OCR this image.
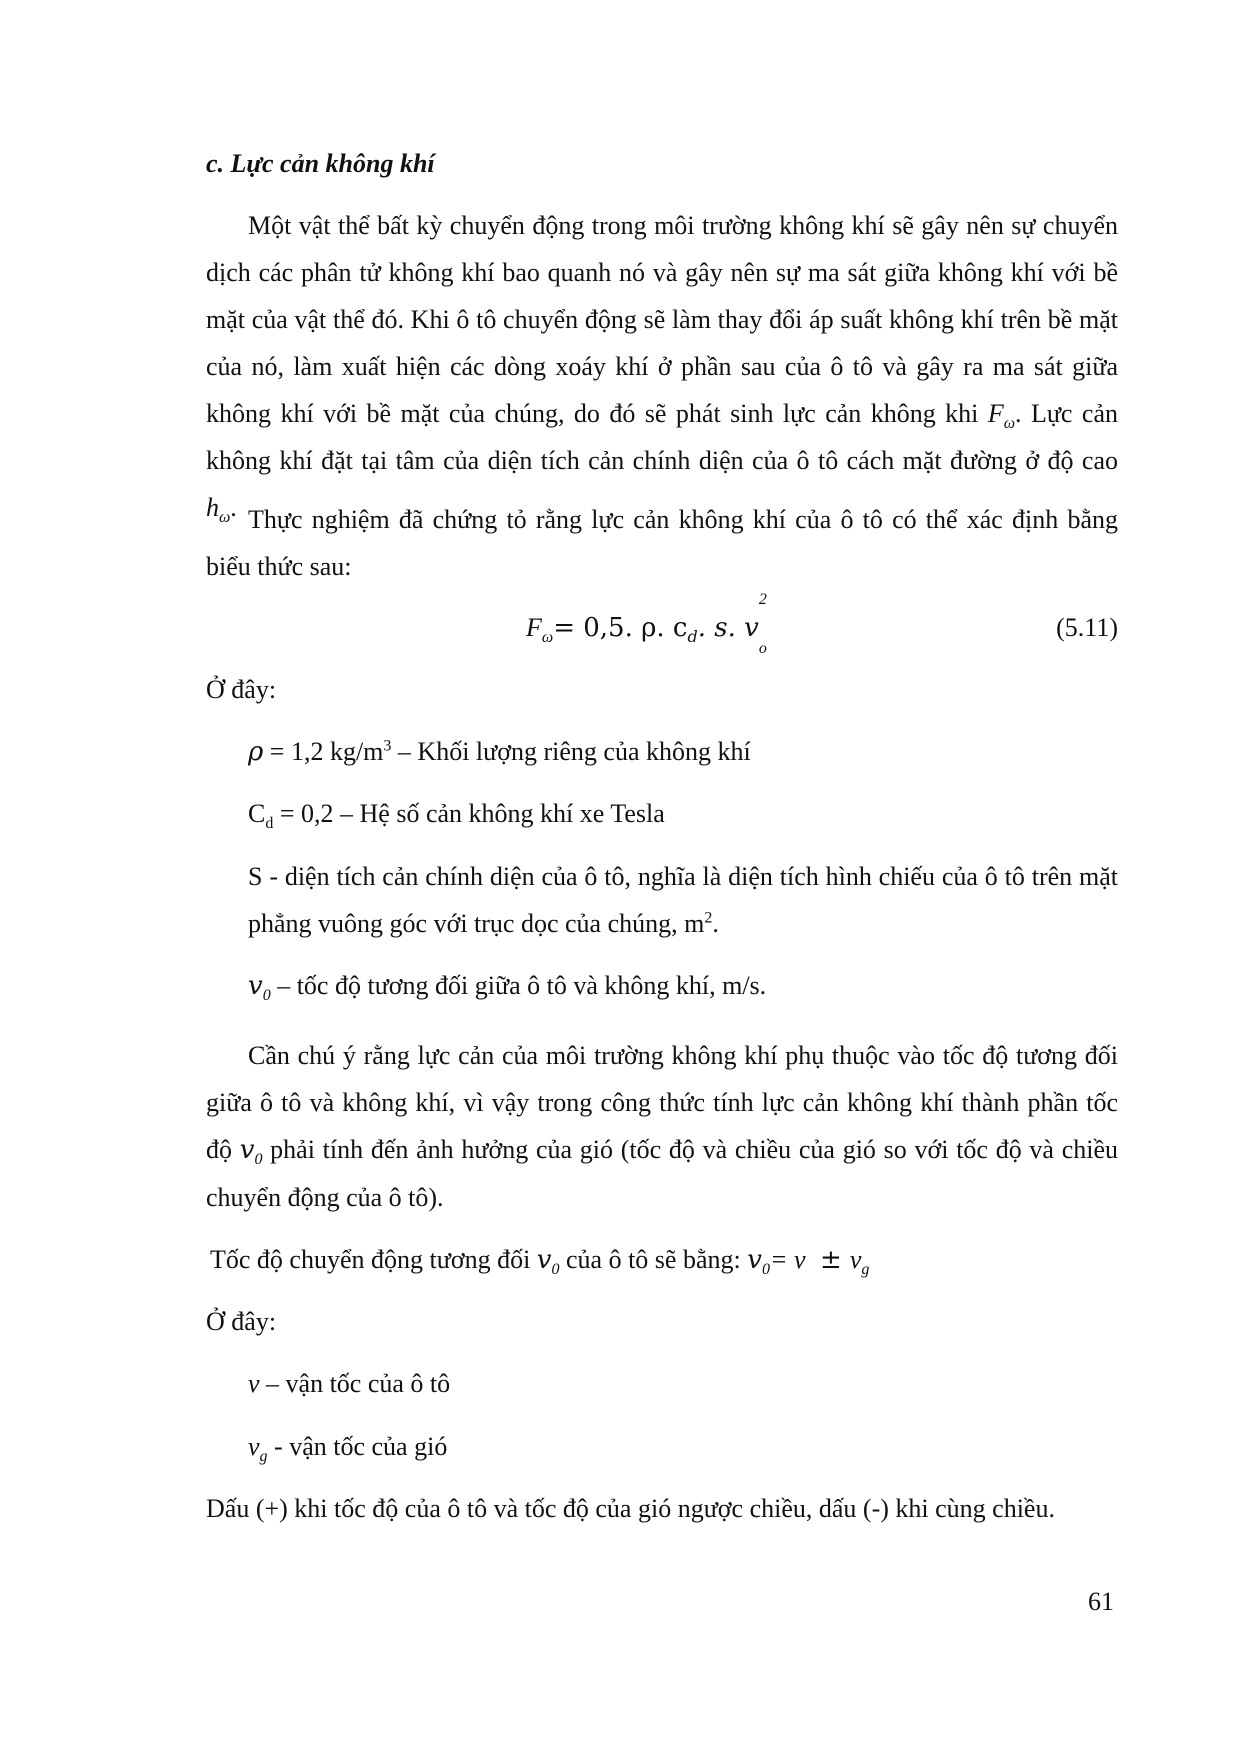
c. Lực cản không khí
Một vật thể bất kỳ chuyển động trong môi trường không khí sẽ gây nên sự chuyển dịch các phân tử không khí bao quanh nó và gây nên sự ma sát giữa không khí với bề mặt của vật thể đó. Khi ô tô chuyển động sẽ làm thay đổi áp suất không khí trên bề mặt của nó, làm xuất hiện các dòng xoáy khí ở phần sau của ô tô và gây ra ma sát giữa không khí với bề mặt của chúng, do đó sẽ phát sinh lực cản không khi $F_\omega$. Lực cản không khí đặt tại tâm của diện tích cản chính diện của ô tô cách mặt đường ở độ cao $h_\omega$. Thực nghiệm đã chứng tỏ rằng lực cản không khí của ô tô có thể xác định bằng biểu thức sau:
$F_\omega= 0,5$. ρ. $c_d$. s. v
2
o
(5.11)
Ở đây:
ρ = 1,2 $kg/m^3$ – Khối lượng riêng của không khí
$C_d = 0,2$ – Hệ số cản không khí xe Tesla
S - diện tích cản chính diện của ô tô, nghĩa là diện tích hình chiếu của ô tô trên mặt phẳng vuông góc với trục dọc của chúng, $m^2$.
$v_0$ – tốc độ tương đối giữa ô tô và không khí, m/s.
Cần chú ý rằng lực cản của môi trường không khí phụ thuộc vào tốc độ tương đối giữa ô tô và không khí, vì vậy trong công thức tính lực cản không khí thành phần tốc độ $v_0$ phải tính đến ảnh hưởng của gió (tốc độ và chiều của gió so với tốc độ và chiều chuyển động của ô tô).
Tốc độ chuyển động tương đối $v_0$ của ô tô sẽ bằng: $v_0= v \pm v_g$
Ở đây:
v – vận tốc của ô tô
$v_g$ - vận tốc của gió
Dấu (+) khi tốc độ của ô tô và tốc độ của gió ngược chiều, dấu (-) khi cùng chiều.
61
